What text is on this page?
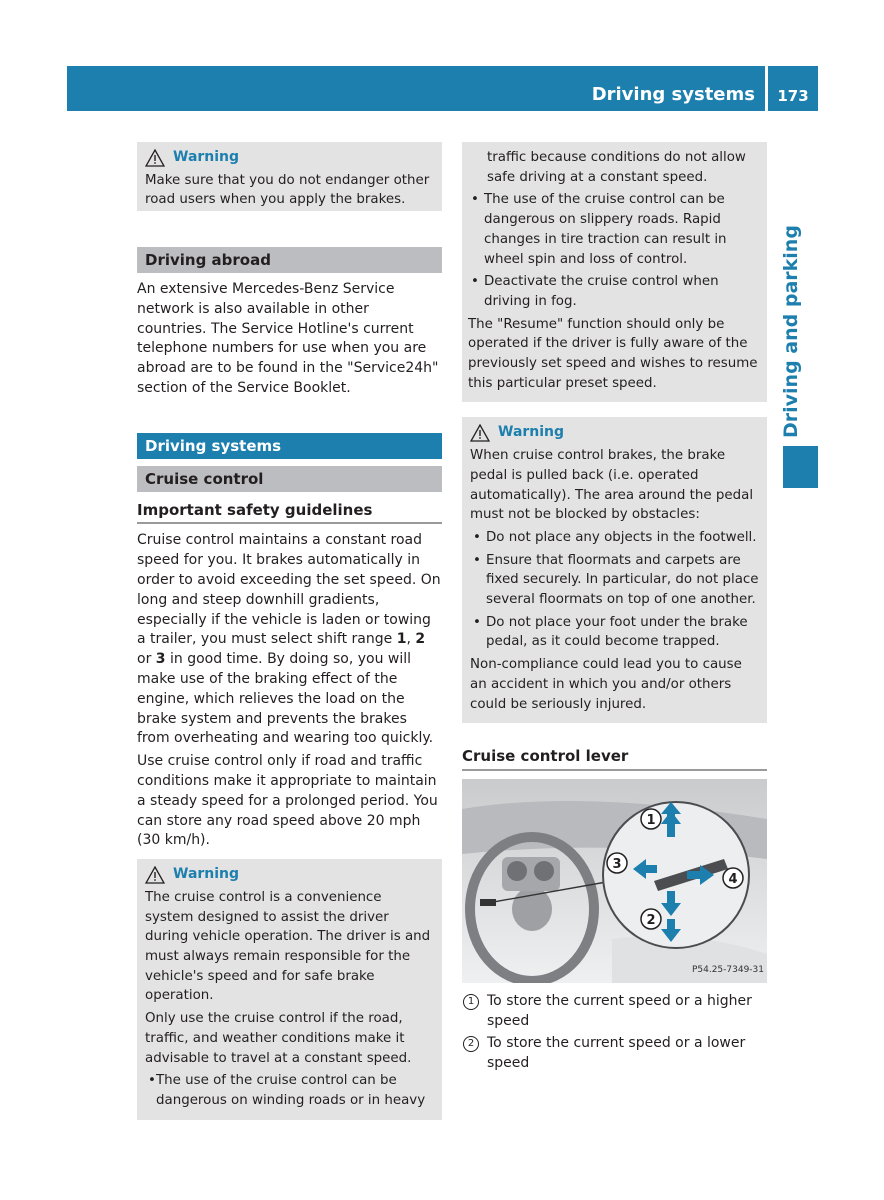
Driving systems	173
Driving and parking
Warning

Make sure that you do not endanger other road users when you apply the brakes.

Driving abroad

An extensive Mercedes-Benz Service network is also available in other countries. The Service Hotline's current telephone numbers for use when you are abroad are to be found in the "Service24h" section of the Service Booklet.

Driving systems
Cruise control
Important safety guidelines

Cruise control maintains a constant road speed for you. It brakes automatically in order to avoid exceeding the set speed. On long and steep downhill gradients, especially if the vehicle is laden or towing a trailer, you must select shift range 1, 2 or 3 in good time. By doing so, you will make use of the braking effect of the engine, which relieves the load on the brake system and prevents the brakes from overheating and wearing too quickly.

Use cruise control only if road and traffic conditions make it appropriate to maintain a steady speed for a prolonged period. You can store any road speed above 20 mph (30 km/h).

Warning

The cruise control is a convenience system designed to assist the driver during vehicle operation. The driver is and must always remain responsible for the vehicle's speed and for safe brake operation.

Only use the cruise control if the road, traffic, and weather conditions make it advisable to travel at a constant speed.

• The use of the cruise control can be dangerous on winding roads or in heavy
traffic because conditions do not allow safe driving at a constant speed.
• The use of the cruise control can be dangerous on slippery roads. Rapid changes in tire traction can result in wheel spin and loss of control.
• Deactivate the cruise control when driving in fog.

The "Resume" function should only be operated if the driver is fully aware of the previously set speed and wishes to resume this particular preset speed.

Warning

When cruise control brakes, the brake pedal is pulled back (i.e. operated automatically). The area around the pedal must not be blocked by obstacles:

• Do not place any objects in the footwell.
• Ensure that floormats and carpets are fixed securely. In particular, do not place several floormats on top of one another.
• Do not place your foot under the brake pedal, as it could become trapped.

Non-compliance could lead you to cause an accident in which you and/or others could be seriously injured.

Cruise control lever
1
2
3
4
P54.25-7349-31
1 To store the current speed or a higher speed
2 To store the current speed or a lower speed
